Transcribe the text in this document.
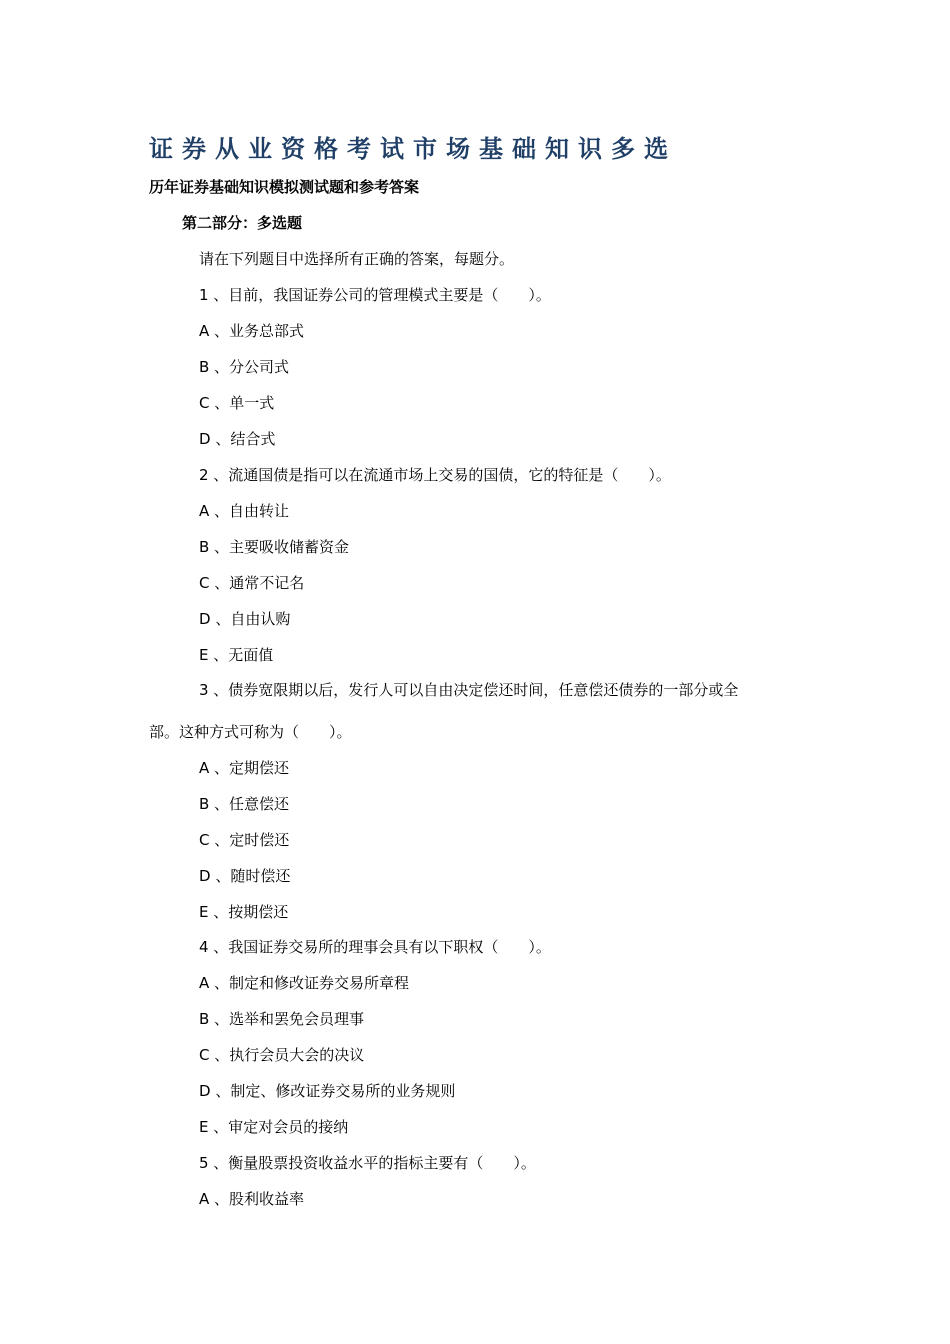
证券从业资格考试市场基础知识多选
历年证券基础知识模拟测试题和参考答案
第二部分：多选题
请在下列题目中选择所有正确的答案，每题分。
1 、目前，我国证券公司的管理模式主要是（　　）。
A 、业务总部式
B 、分公司式
C 、单一式
D 、结合式
2 、流通国债是指可以在流通市场上交易的国债，它的特征是（　　）。
A 、自由转让
B 、主要吸收储蓄资金
C 、通常不记名
D 、自由认购
E 、无面值
3 、债券宽限期以后，发行人可以自由决定偿还时间，任意偿还债券的一部分或全
部。这种方式可称为（　　）。
A 、定期偿还
B 、任意偿还
C 、定时偿还
D 、随时偿还
E 、按期偿还
4 、我国证券交易所的理事会具有以下职权（　　）。
A 、制定和修改证券交易所章程
B 、选举和罢免会员理事
C 、执行会员大会的决议
D 、制定、修改证券交易所的业务规则
E 、审定对会员的接纳
5 、衡量股票投资收益水平的指标主要有（　　）。
A 、股利收益率
